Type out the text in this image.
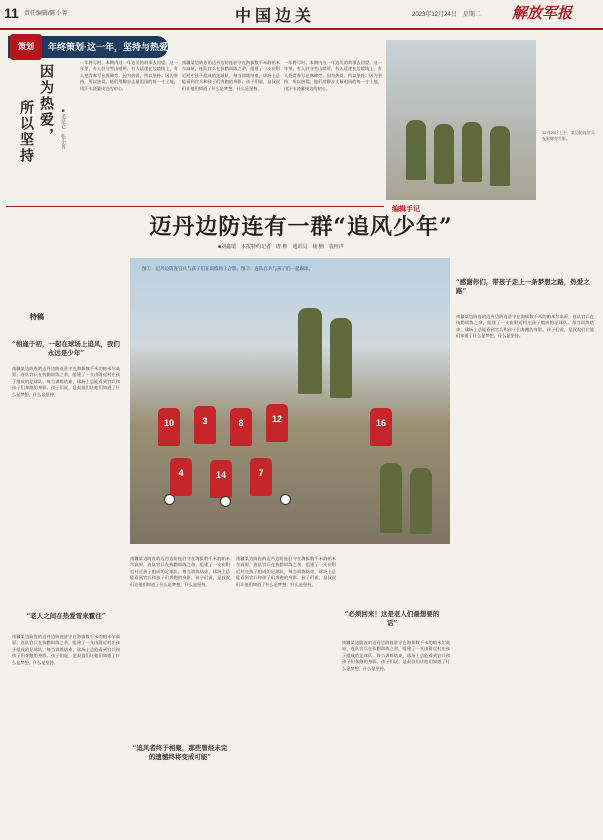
11 责任编辑/陈小菁	中国边关	2023年12月24日　星期二 解放军报
策划	年终策划·这一年，坚持与热爱
因为热爱，
所以坚持	■毛昆仑　张小菁
一年将尽时，本期内这一年边关的故事去回望。这一年里，有人驻守雪山哨所，有人巡逻在边境线上，有人把青春写在界碑旁。因为热爱，所以坚持；因为坚持，所以热爱。他们用脚步丈量祖国的每一寸土地，用汗水浇灌戍边的初心。
南疆某边防连的迈丹边防连驻守在海拔数千米的帕米尔高原，连队官兵在执勤训练之余，组建了一支由附近村庄孩子组成的足球队。每当训练结束，球场上总能看到官兵和孩子们奔跑的身影。孩子们说，是叔叔们让他们知道了什么是梦想，什么是坚持。
一年将尽时，本期内这一年边关的故事去回望。这一年里，有人驻守雪山哨所，有人巡逻在边境线上，有人把青春写在界碑旁。因为热爱，所以坚持；因为坚持，所以热爱。他们用脚步丈量祖国的每一寸土地，用汗水浇灌戍边的初心。
12月20日上午，某边防连官兵在界碑旁合影。
编辑手记
迈丹边防连有一群“追风少年”
■刘鑫瑞　本报特约记者　唐 帅　通讯员　杨 楠　袁梓声
特稿
“相逢于初，一起在球场上追风，我们永远是少年”
南疆某边防连的迈丹边防连驻守在海拔数千米的帕米尔高原，连队官兵在执勤训练之余，组建了一支由附近村庄孩子组成的足球队。每当训练结束，球场上总能看到官兵和孩子们奔跑的身影。孩子们说，是叔叔们让他们知道了什么是梦想，什么是坚持。
“老人之间在热爱雪来霍往”
南疆某边防连的迈丹边防连驻守在海拔数千米的帕米尔高原，连队官兵在执勤训练之余，组建了一支由附近村庄孩子组成的足球队。每当训练结束，球场上总能看到官兵和孩子们奔跑的身影。孩子们说，是叔叔们让他们知道了什么是梦想，什么是坚持。
图①：迈丹边防连官兵与孩子们在训练场上合影。图②：连队官兵与孩子们一起踢球。
10	3	8	12
4	14	7
16
“感谢你们，带孩子走上一条梦想之路，热爱之路”
南疆某边防连的迈丹边防连驻守在海拔数千米的帕米尔高原，连队官兵在执勤训练之余，组建了一支由附近村庄孩子组成的足球队。每当训练结束，球场上总能看到官兵和孩子们奔跑的身影。孩子们说，是叔叔们让他们知道了什么是梦想，什么是坚持。
南疆某边防连的迈丹边防连驻守在海拔数千米的帕米尔高原，连队官兵在执勤训练之余，组建了一支由附近村庄孩子组成的足球队。每当训练结束，球场上总能看到官兵和孩子们奔跑的身影。孩子们说，是叔叔们让他们知道了什么是梦想，什么是坚持。
“追风者终于相聚，那些曾经未完的遗憾终将变成可能”
南疆某边防连的迈丹边防连驻守在海拔数千米的帕米尔高原，连队官兵在执勤训练之余，组建了一支由附近村庄孩子组成的足球队。每当训练结束，球场上总能看到官兵和孩子们奔跑的身影。孩子们说，是叔叔们让他们知道了什么是梦想，什么是坚持。
“必须回来！这是老人们最想要的话”
南疆某边防连的迈丹边防连驻守在海拔数千米的帕米尔高原，连队官兵在执勤训练之余，组建了一支由附近村庄孩子组成的足球队。每当训练结束，球场上总能看到官兵和孩子们奔跑的身影。孩子们说，是叔叔们让他们知道了什么是梦想，什么是坚持。
